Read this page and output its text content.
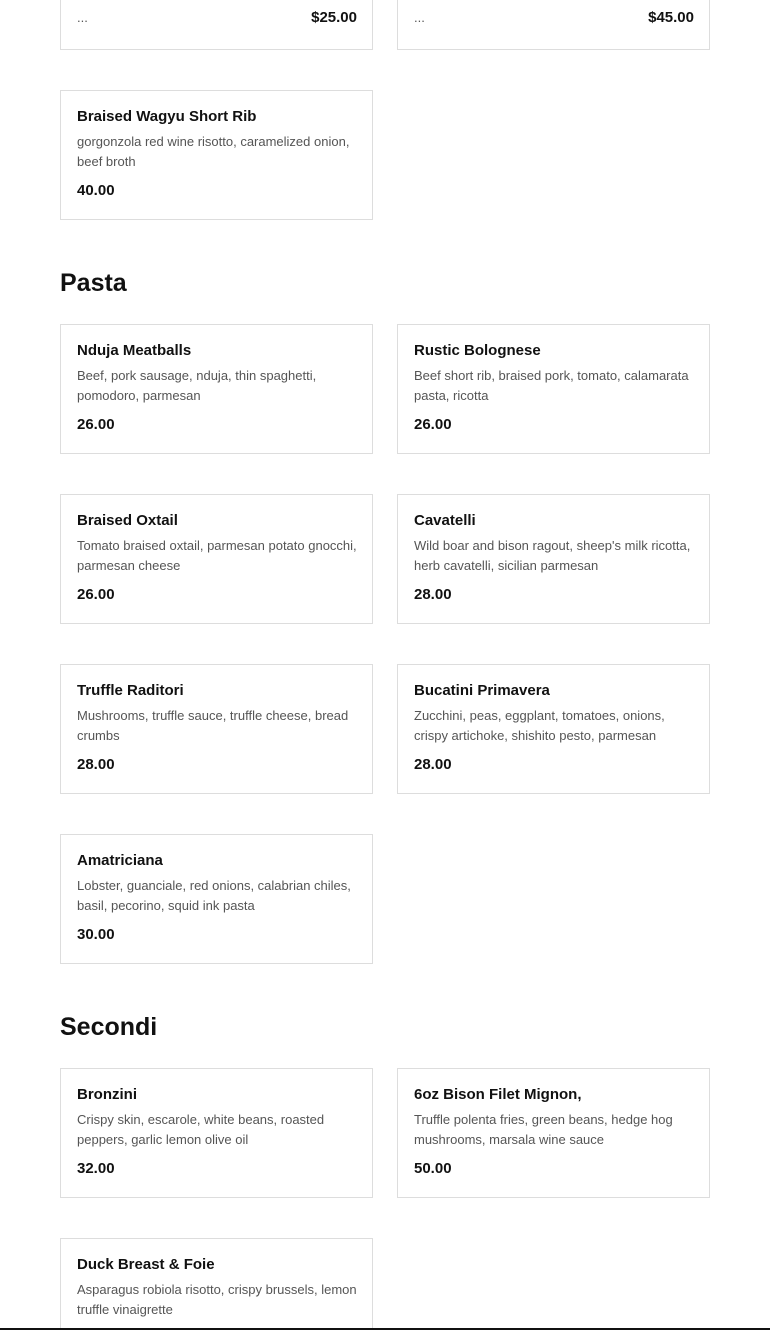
...	$25.00	...	$45.00
Braised Wagyu Short Rib
gorgonzola red wine risotto, caramelized onion, beef broth
40.00
Pasta
Nduja Meatballs
Beef, pork sausage, nduja, thin spaghetti, pomodoro, parmesan
26.00
Rustic Bolognese
Beef short rib, braised pork, tomato, calamarata pasta, ricotta
26.00
Braised Oxtail
Tomato braised oxtail, parmesan potato gnocchi, parmesan cheese
26.00
Cavatelli
Wild boar and bison ragout, sheep's milk ricotta, herb cavatelli, sicilian parmesan
28.00
Truffle Raditori
Mushrooms, truffle sauce, truffle cheese, bread crumbs
28.00
Bucatini Primavera
Zucchini, peas, eggplant, tomatoes, onions, crispy artichoke, shishito pesto, parmesan
28.00
Amatriciana
Lobster, guanciale, red onions, calabrian chiles, basil, pecorino, squid ink pasta
30.00
Secondi
Bronzini
Crispy skin, escarole, white beans, roasted peppers, garlic lemon olive oil
32.00
6oz Bison Filet Mignon,
Truffle polenta fries, green beans, hedge hog mushrooms, marsala wine sauce
50.00
Duck Breast & Foie
Asparagus robiola risotto, crispy brussels, lemon truffle vinaigrette
